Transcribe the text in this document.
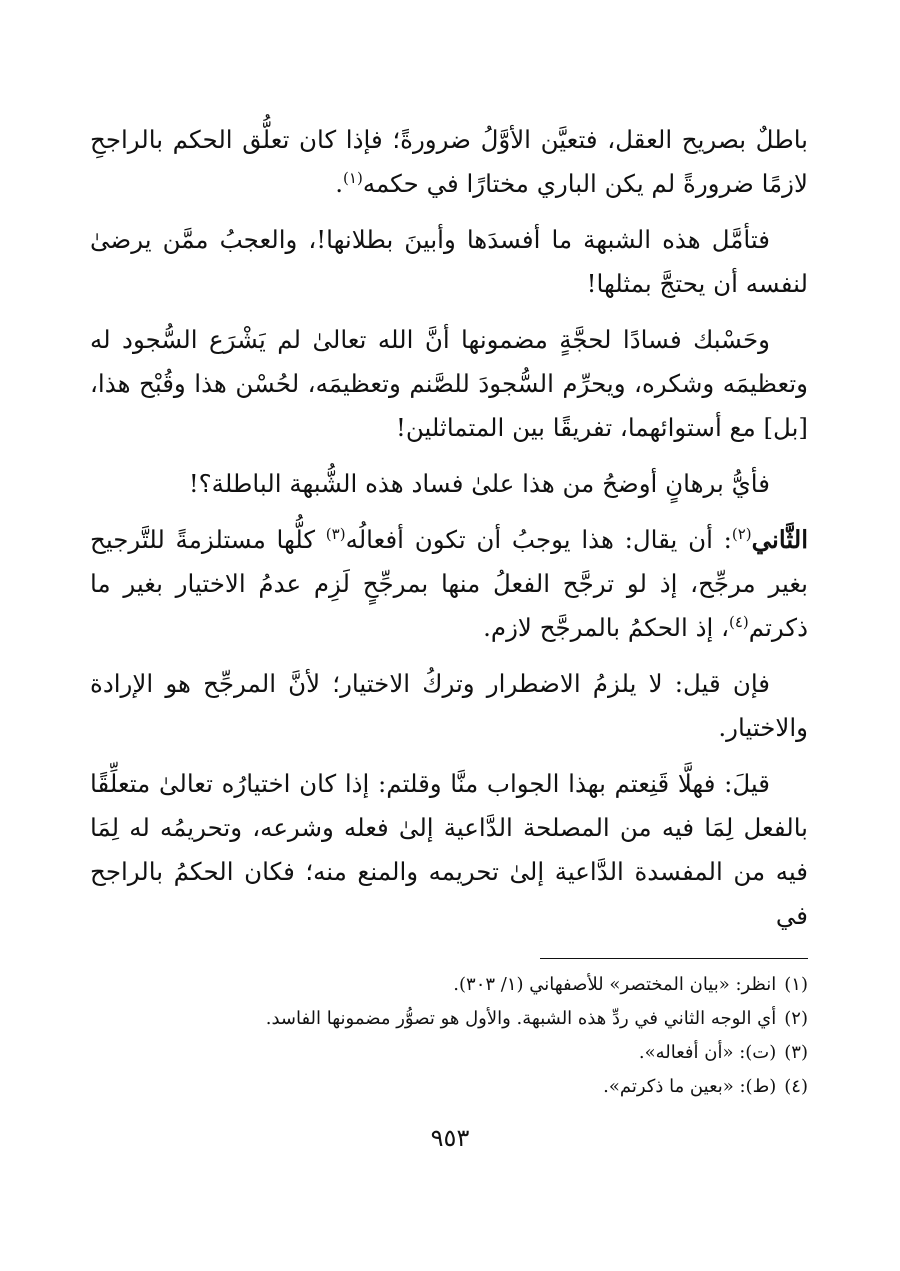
باطلٌ بصريح العقل، فتعيَّن الأوَّلُ ضرورةً؛ فإذا كان تعلُّق الحكم بالراجحِ لازمًا ضرورةً لم يكن الباري مختارًا في حكمه$^{(١)}$.

فتأمَّل هذه الشبهة ما أفسدَها وأبينَ بطلانها!، والعجبُ ممَّن يرضىٰ لنفسه أن يحتجَّ بمثلها!

وحَسْبك فسادًا لحجَّةٍ مضمونها أنَّ الله تعالىٰ لم يَشْرَع السُّجود له وتعظيمَه وشكره، ويحرِّم السُّجودَ للصَّنم وتعظيمَه، لحُسْن هذا وقُبْح هذا، [بل] مع أستوائهما، تفريقًا بين المتماثلين!

فأيُّ برهانٍ أوضحُ من هذا علىٰ فساد هذه الشُّبهة الباطلة؟!

الثَّاني$^{(٢)}$: أن يقال: هذا يوجبُ أن تكون أفعالُه$^{(٣)}$ كلُّها مستلزمةً للتَّرجيح بغير مرجِّح، إذ لو ترجَّح الفعلُ منها بمرجِّحٍ لَزِم عدمُ الاختيار بغير ما ذكرتم$^{(٤)}$، إذ الحكمُ بالمرجَّح لازم.

فإن قيل: لا يلزمُ الاضطرار وتركُ الاختيار؛ لأنَّ المرجِّح هو الإرادة والاختيار.

قيلَ: فهلَّا قَنِعتم بهذا الجواب منَّا وقلتم: إذا كان اختيارُه تعالىٰ متعلِّقًا بالفعل لِمَا فيه من المصلحة الدَّاعية إلىٰ فعله وشرعه، وتحريمُه له لِمَا فيه من المفسدة الدَّاعية إلىٰ تحريمه والمنع منه؛ فكان الحكمُ بالراجح في

(١)انظر: «بيان المختصر» للأصفهاني (١/ ٣٠٣).

(٢)أي الوجه الثاني في ردِّ هذه الشبهة. والأول هو تصوُّر مضمونها الفاسد.

(٣)(ت): «أن أفعاله».

(٤)(ط): «بعين ما ذكرتم».

٩٥٣
